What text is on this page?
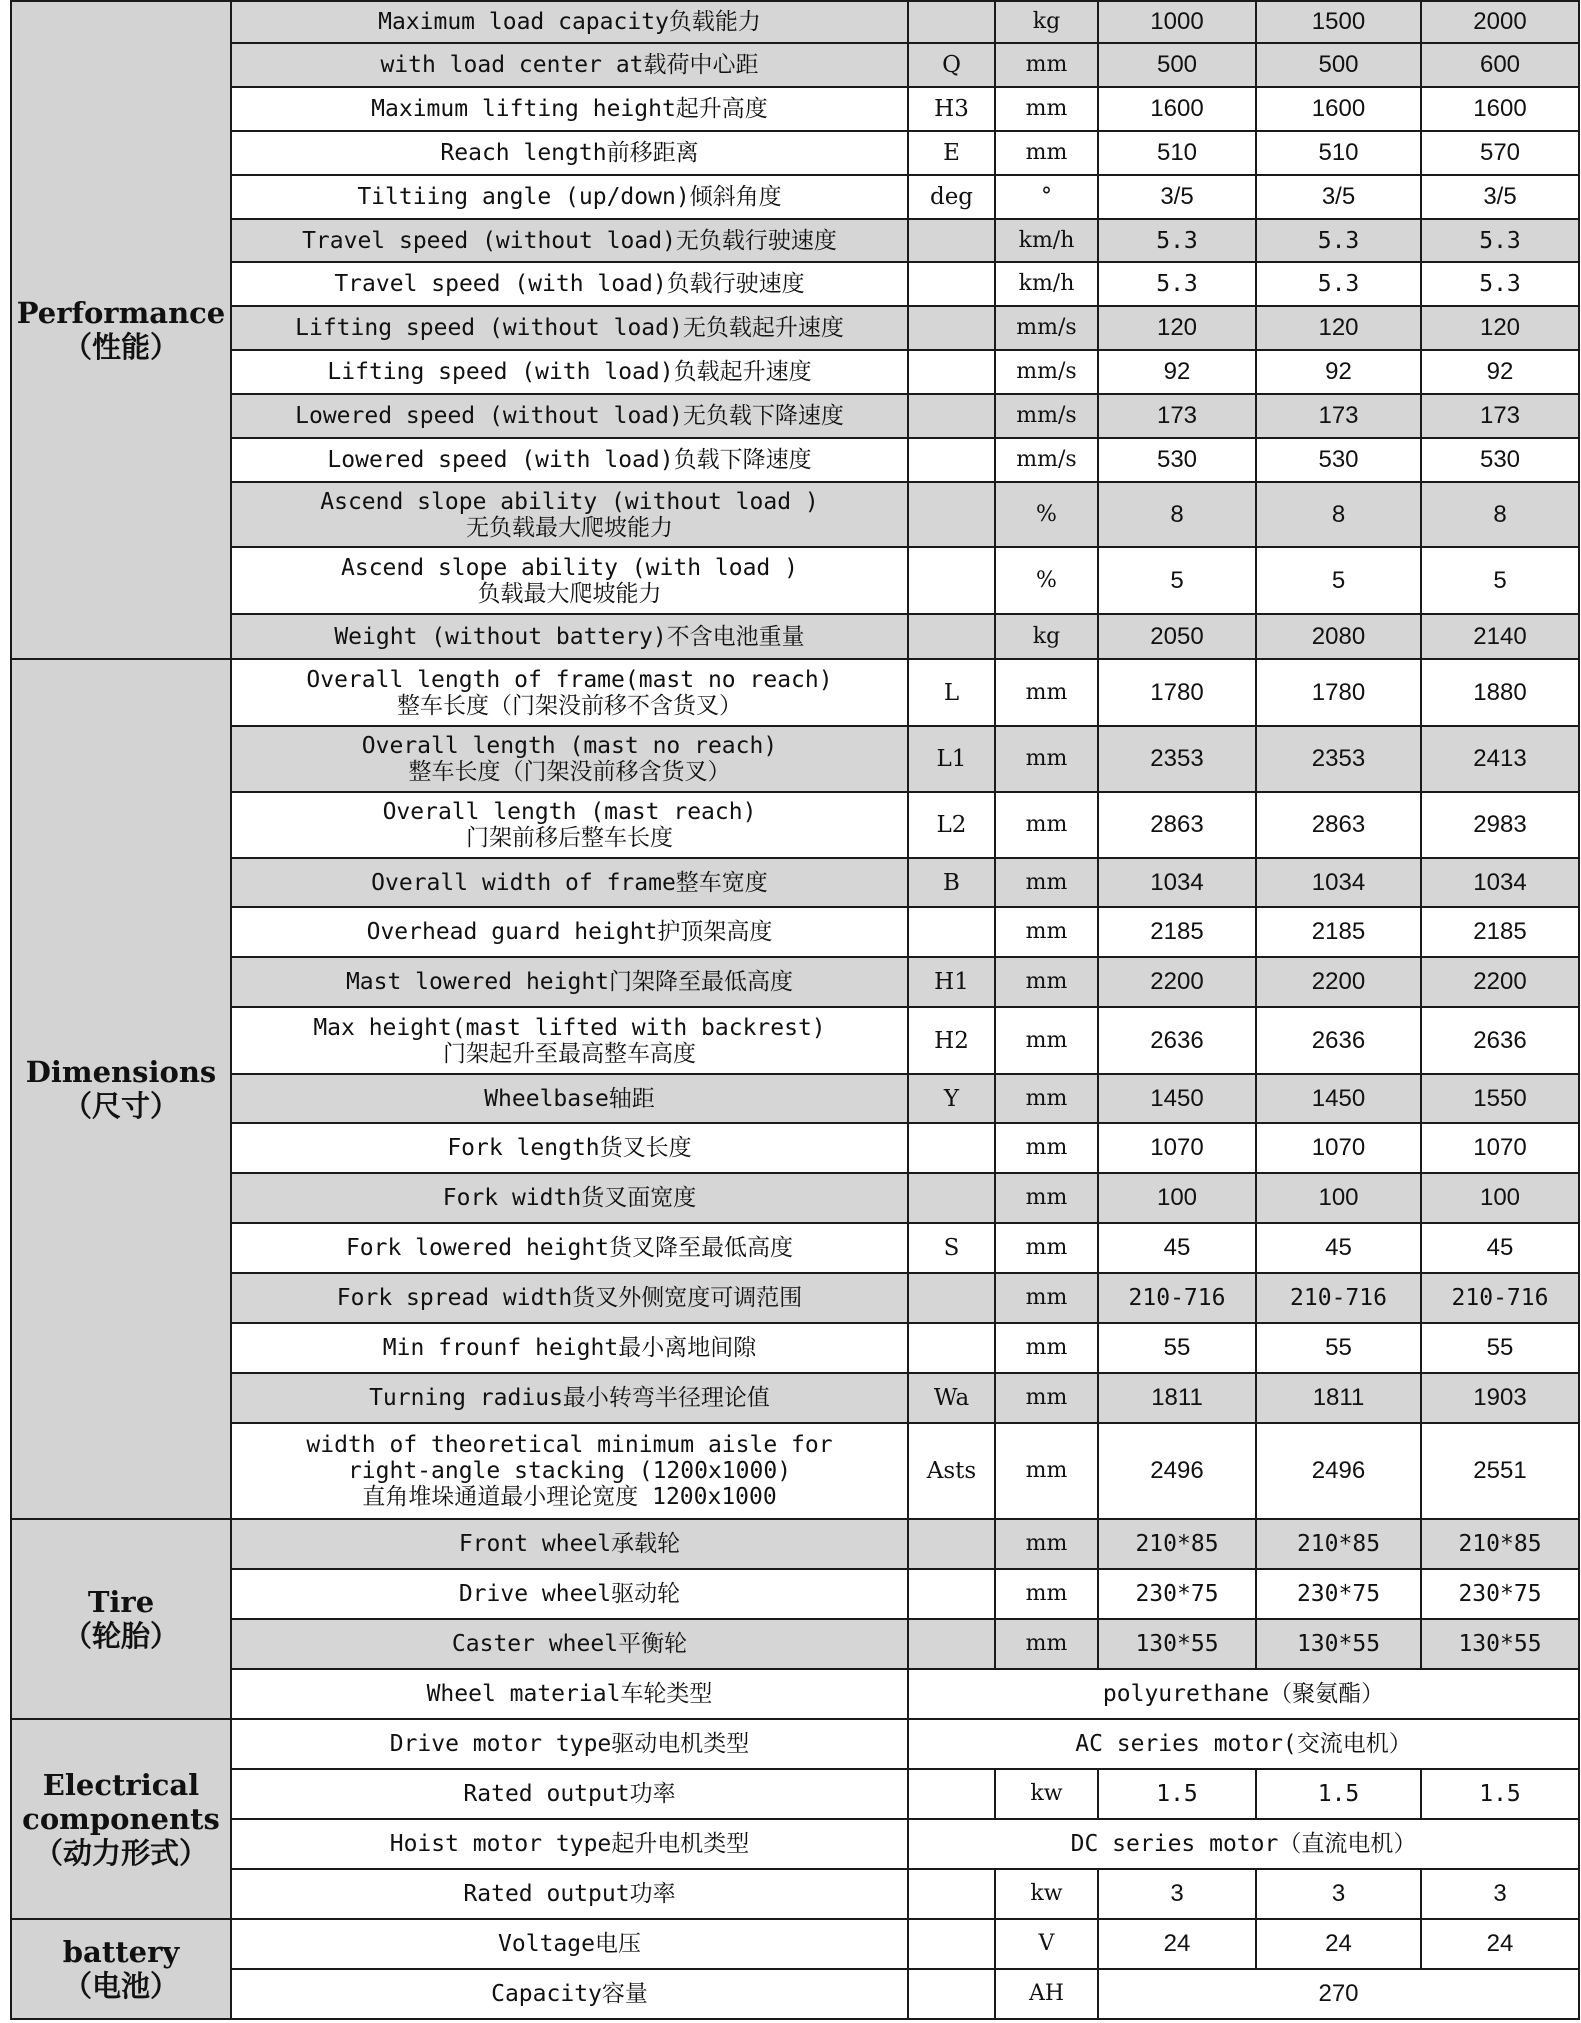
Performance
（性能）	Maximum load capacity负载能力		kg	1000	1500	2000

	with load center at载荷中心距	Q	mm	500	500	600

	Maximum lifting height起升高度	H3	mm	1600	1600	1600

	Reach length前移距离	E	mm	510	510	570

	Tiltiing angle (up/down)倾斜角度	deg	°	3/5	3/5	3/5

	Travel speed (without load)无负载行驶速度		km/h	5.3	5.3	5.3

	Travel speed (with load)负载行驶速度		km/h	5.3	5.3	5.3

	Lifting speed (without load)无负载起升速度		mm/s	120	120	120

	Lifting speed (with load)负载起升速度		mm/s	92	92	92

	Lowered speed (without load)无负载下降速度		mm/s	173	173	173

	Lowered speed (with load)负载下降速度		mm/s	530	530	530

	Ascend slope ability (without load )
无负载最大爬坡能力		%	8	8	8

	Ascend slope ability (with load )
负载最大爬坡能力		%	5	5	5

	Weight (without battery)不含电池重量		kg	2050	2080	2140

Dimensions
（尺寸）	Overall length of frame(mast no reach)
整车长度（门架没前移不含货叉）	L	mm	1780	1780	1880

	Overall length (mast no reach)
整车长度（门架没前移含货叉）	L1	mm	2353	2353	2413

	Overall length (mast reach)
门架前移后整车长度	L2	mm	2863	2863	2983

	Overall width of frame整车宽度	B	mm	1034	1034	1034

	Overhead guard height护顶架高度		mm	2185	2185	2185

	Mast lowered height门架降至最低高度	H1	mm	2200	2200	2200

	Max height(mast lifted with backrest)
门架起升至最高整车高度	H2	mm	2636	2636	2636

	Wheelbase轴距	Y	mm	1450	1450	1550

	Fork length货叉长度		mm	1070	1070	1070

	Fork width货叉面宽度		mm	100	100	100

	Fork lowered height货叉降至最低高度	S	mm	45	45	45

	Fork spread width货叉外侧宽度可调范围		mm	210-716	210-716	210-716

	Min frounf height最小离地间隙		mm	55	55	55

	Turning radius最小转弯半径理论值	Wa	mm	1811	1811	1903

	width of theoretical minimum aisle for
right-angle stacking (1200x1000)
直角堆垛通道最小理论宽度 1200x1000	Asts	mm	2496	2496	2551

Tire
（轮胎）	Front wheel承载轮		mm	210*85	210*85	210*85

	Drive wheel驱动轮		mm	230*75	230*75	230*75

	Caster wheel平衡轮		mm	130*55	130*55	130*55

	Wheel material车轮类型	polyurethane（聚氨酯）				

Electrical
components
（动力形式）	Drive motor type驱动电机类型	AC series motor(交流电机）				

	Rated output功率		kw	1.5	1.5	1.5

	Hoist motor type起升电机类型	DC series motor（直流电机）				

	Rated output功率		kw	3	3	3

battery
（电池）	Voltage电压		V	24	24	24

	Capacity容量		AH	270		
